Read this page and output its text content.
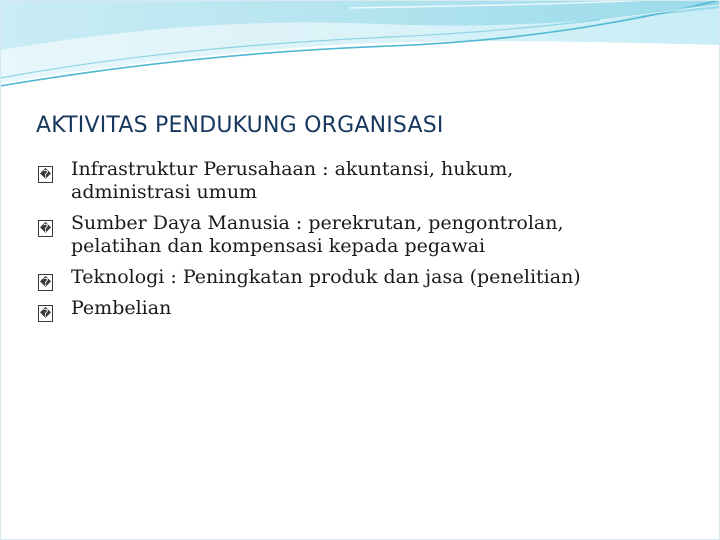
AKTIVITAS PENDUKUNG ORGANISASI
� Infrastruktur Perusahaan : akuntansi, hukum,
administrasi umum
� Sumber Daya Manusia : perekrutan, pengontrolan,
pelatihan dan kompensasi kepada pegawai
� Teknologi : Peningkatan produk dan jasa (penelitian)
� Pembelian
